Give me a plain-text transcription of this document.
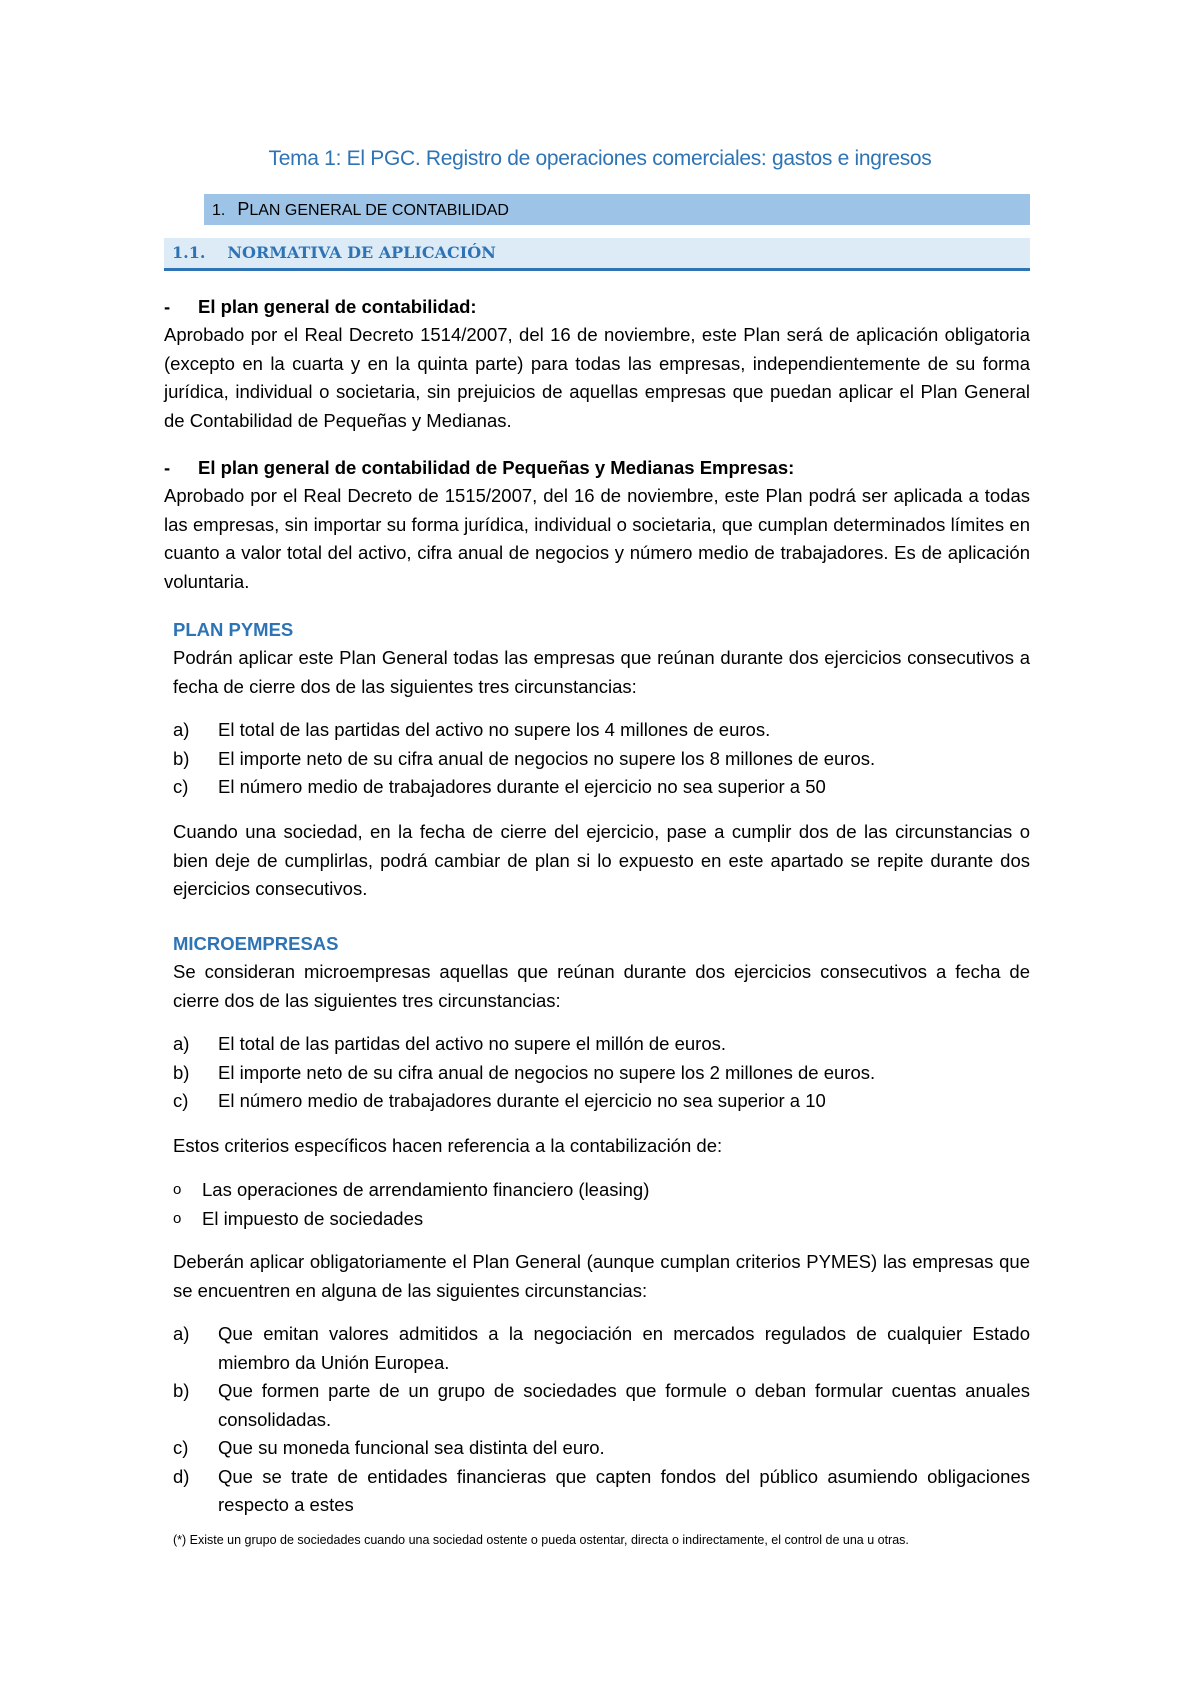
Tema 1: El PGC. Registro de operaciones comerciales: gastos e ingresos
1. PLAN GENERAL DE CONTABILIDAD
1.1. NORMATIVA DE APLICACIÓN
- El plan general de contabilidad:
Aprobado por el Real Decreto 1514/2007, del 16 de noviembre, este Plan será de aplicación obligatoria (excepto en la cuarta y en la quinta parte) para todas las empresas, independientemente de su forma jurídica, individual o societaria, sin prejuicios de aquellas empresas que puedan aplicar el Plan General de Contabilidad de Pequeñas y Medianas.
- El plan general de contabilidad de Pequeñas y Medianas Empresas:
Aprobado por el Real Decreto de 1515/2007, del 16 de noviembre, este Plan podrá ser aplicada a todas las empresas, sin importar su forma jurídica, individual o societaria, que cumplan determinados límites en cuanto a valor total del activo, cifra anual de negocios y número medio de trabajadores. Es de aplicación voluntaria.
PLAN PYMES
Podrán aplicar este Plan General todas las empresas que reúnan durante dos ejercicios consecutivos a fecha de cierre dos de las siguientes tres circunstancias:
a) El total de las partidas del activo no supere los 4 millones de euros.
b) El importe neto de su cifra anual de negocios no supere los 8 millones de euros.
c) El número medio de trabajadores durante el ejercicio no sea superior a 50
Cuando una sociedad, en la fecha de cierre del ejercicio, pase a cumplir dos de las circunstancias o bien deje de cumplirlas, podrá cambiar de plan si lo expuesto en este apartado se repite durante dos ejercicios consecutivos.
MICROEMPRESAS
Se consideran microempresas aquellas que reúnan durante dos ejercicios consecutivos a fecha de cierre dos de las siguientes tres circunstancias:
a) El total de las partidas del activo no supere el millón de euros.
b) El importe neto de su cifra anual de negocios no supere los 2 millones de euros.
c) El número medio de trabajadores durante el ejercicio no sea superior a 10
Estos criterios específicos hacen referencia a la contabilización de:
o Las operaciones de arrendamiento financiero (leasing)
o El impuesto de sociedades
Deberán aplicar obligatoriamente el Plan General (aunque cumplan criterios PYMES) las empresas que se encuentren en alguna de las siguientes circunstancias:
a) Que emitan valores admitidos a la negociación en mercados regulados de cualquier Estado miembro da Unión Europea.
b) Que formen parte de un grupo de sociedades que formule o deban formular cuentas anuales consolidadas.
c) Que su moneda funcional sea distinta del euro.
d) Que se trate de entidades financieras que capten fondos del público asumiendo obligaciones respecto a estes
(*) Existe un grupo de sociedades cuando una sociedad ostente o pueda ostentar, directa o indirectamente, el control de una u otras.
